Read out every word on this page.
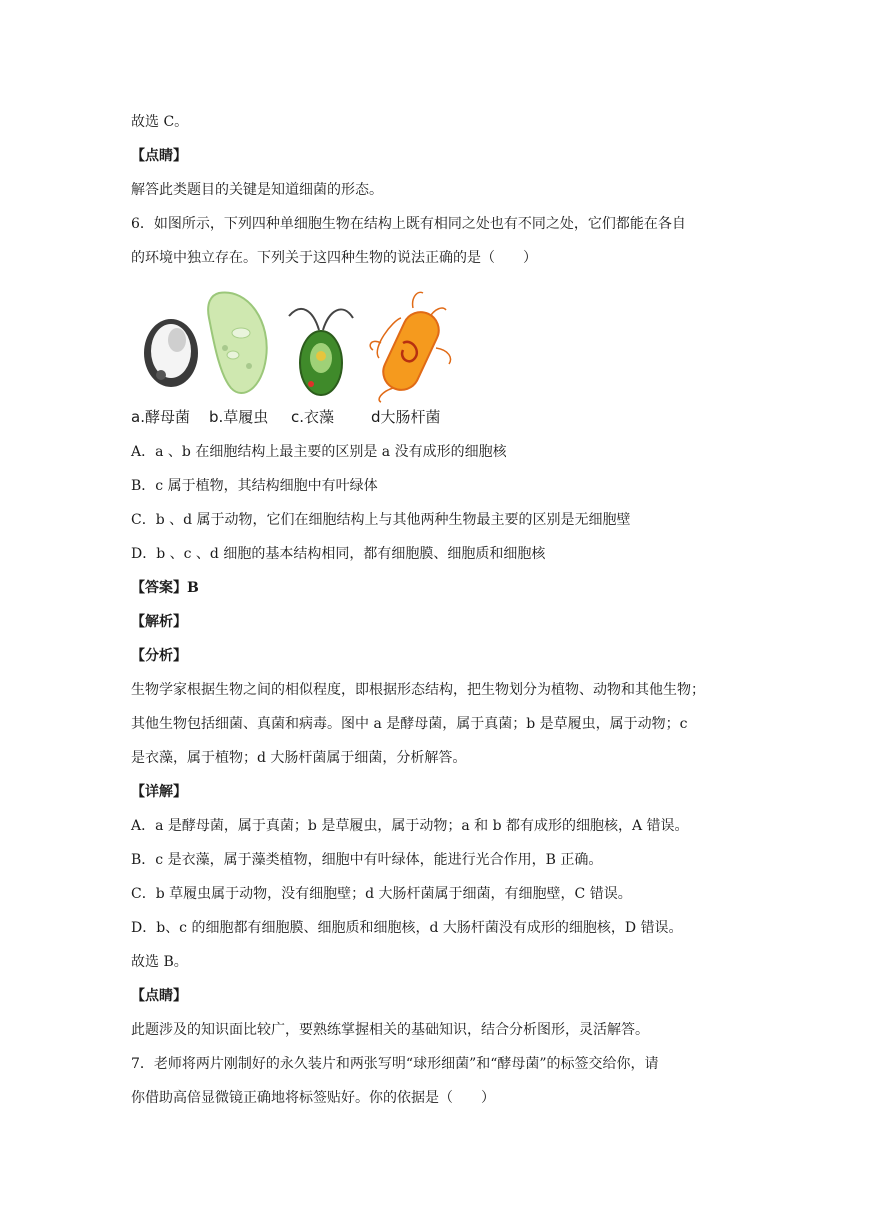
故选 C。
【点睛】
解答此类题目的关键是知道细菌的形态。
6．如图所示，下列四种单细胞生物在结构上既有相同之处也有不同之处，它们都能在各自
的环境中独立存在。下列关于这四种生物的说法正确的是（　　）
a.酵母菌 b.草履虫 c.衣藻 d大肠杆菌
A．a 、b 在细胞结构上最主要的区别是 a 没有成形的细胞核
B．c 属于植物，其结构细胞中有叶绿体
C．b 、d 属于动物，它们在细胞结构上与其他两种生物最主要的区别是无细胞壁
D．b 、c 、d 细胞的基本结构相同，都有细胞膜、细胞质和细胞核
【答案】B
【解析】
【分析】
生物学家根据生物之间的相似程度，即根据形态结构，把生物划分为植物、动物和其他生物；
其他生物包括细菌、真菌和病毒。图中 a 是酵母菌，属于真菌；b 是草履虫，属于动物；c
是衣藻，属于植物；d 大肠杆菌属于细菌，分析解答。
【详解】
A．a 是酵母菌，属于真菌；b 是草履虫，属于动物；a 和 b 都有成形的细胞核，A 错误。
B．c 是衣藻，属于藻类植物，细胞中有叶绿体，能进行光合作用，B 正确。
C．b 草履虫属于动物，没有细胞壁；d 大肠杆菌属于细菌，有细胞壁，C 错误。
D．b、c 的细胞都有细胞膜、细胞质和细胞核，d 大肠杆菌没有成形的细胞核，D 错误。
故选 B。
【点睛】
此题涉及的知识面比较广，要熟练掌握相关的基础知识，结合分析图形，灵活解答。
7．老师将两片刚制好的永久装片和两张写明“球形细菌”和“酵母菌”的标签交给你，请
你借助高倍显微镜正确地将标签贴好。你的依据是（　　）
